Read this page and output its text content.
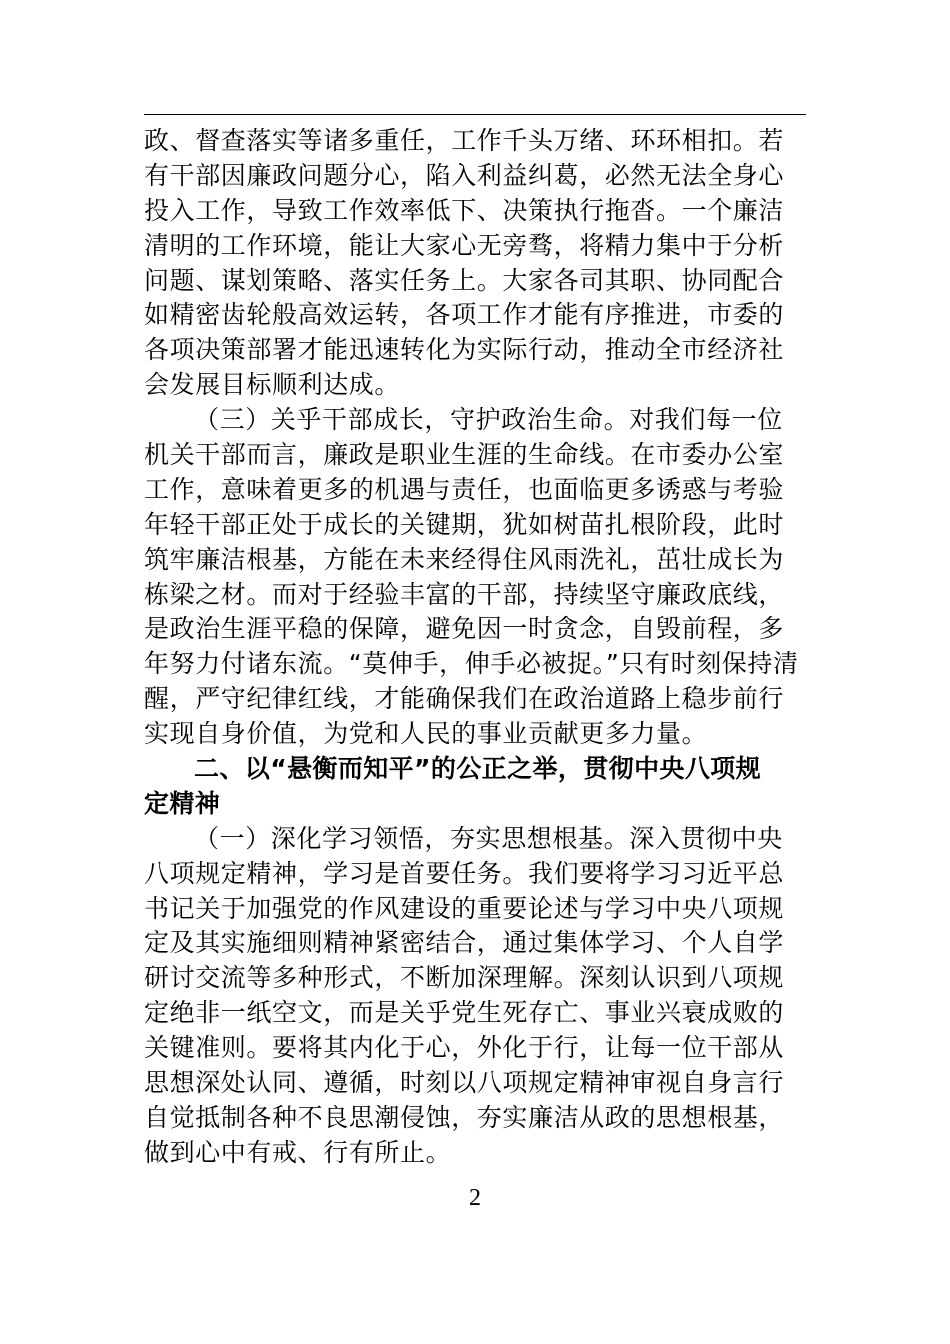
政、督查落实等诸多重任，工作千头万绪、环环相扣。若
有干部因廉政问题分心，陷入利益纠葛，必然无法全身心
投入工作，导致工作效率低下、决策执行拖沓。一个廉洁
清明的工作环境，能让大家心无旁骛，将精力集中于分析
问题、谋划策略、落实任务上。大家各司其职、协同配合
如精密齿轮般高效运转，各项工作才能有序推进，市委的
各项决策部署才能迅速转化为实际行动，推动全市经济社
会发展目标顺利达成。
（三）关乎干部成长，守护政治生命。对我们每一位
机关干部而言，廉政是职业生涯的生命线。在市委办公室
工作，意味着更多的机遇与责任，也面临更多诱惑与考验
年轻干部正处于成长的关键期，犹如树苗扎根阶段，此时
筑牢廉洁根基，方能在未来经得住风雨洗礼，茁壮成长为
栋梁之材。而对于经验丰富的干部，持续坚守廉政底线，
是政治生涯平稳的保障，避免因一时贪念，自毁前程，多
年努力付诸东流。“莫伸手，伸手必被捉。”只有时刻保持清
醒，严守纪律红线，才能确保我们在政治道路上稳步前行
实现自身价值，为党和人民的事业贡献更多力量。
二、以“悬衡而知平”的公正之举，贯彻中央八项规
定精神
（一）深化学习领悟，夯实思想根基。深入贯彻中央
八项规定精神，学习是首要任务。我们要将学习习近平总
书记关于加强党的作风建设的重要论述与学习中央八项规
定及其实施细则精神紧密结合，通过集体学习、个人自学
研讨交流等多种形式，不断加深理解。深刻认识到八项规
定绝非一纸空文，而是关乎党生死存亡、事业兴衰成败的
关键准则。要将其内化于心，外化于行，让每一位干部从
思想深处认同、遵循，时刻以八项规定精神审视自身言行
自觉抵制各种不良思潮侵蚀，夯实廉洁从政的思想根基，
做到心中有戒、行有所止。
2
